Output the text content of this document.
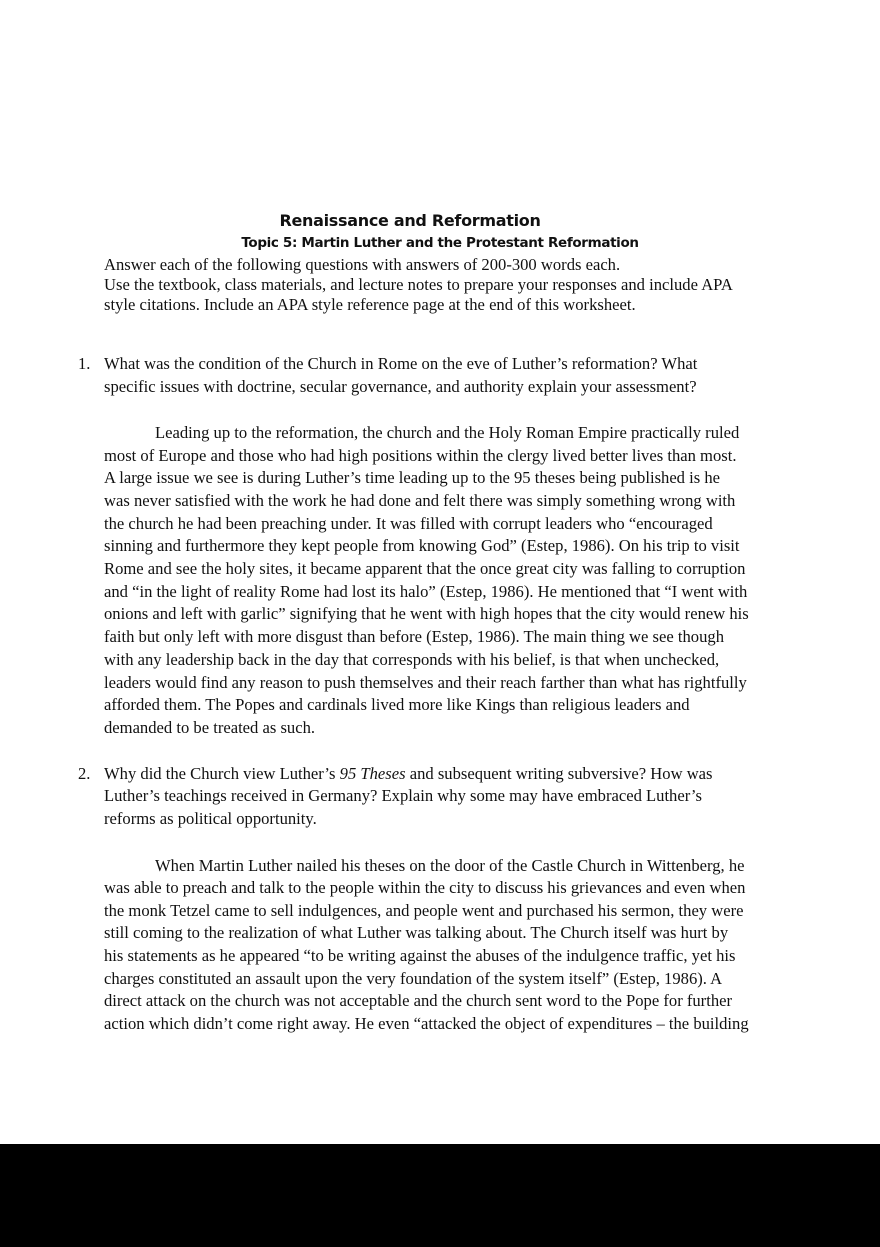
Renaissance and Reformation
Topic 5: Martin Luther and the Protestant Reformation
Answer each of the following questions with answers of 200-300 words each.
Use the textbook, class materials, and lecture notes to prepare your responses and include APA
style citations. Include an APA style reference page at the end of this worksheet.
1. What was the condition of the Church in Rome on the eve of Luther’s reformation? What
specific issues with doctrine, secular governance, and authority explain your assessment?
Leading up to the reformation, the church and the Holy Roman Empire practically ruled
most of Europe and those who had high positions within the clergy lived better lives than most.
A large issue we see is during Luther’s time leading up to the 95 theses being published is he
was never satisfied with the work he had done and felt there was simply something wrong with
the church he had been preaching under. It was filled with corrupt leaders who “encouraged
sinning and furthermore they kept people from knowing God” (Estep, 1986). On his trip to visit
Rome and see the holy sites, it became apparent that the once great city was falling to corruption
and “in the light of reality Rome had lost its halo” (Estep, 1986). He mentioned that “I went with
onions and left with garlic” signifying that he went with high hopes that the city would renew his
faith but only left with more disgust than before (Estep, 1986). The main thing we see though
with any leadership back in the day that corresponds with his belief, is that when unchecked,
leaders would find any reason to push themselves and their reach farther than what has rightfully
afforded them. The Popes and cardinals lived more like Kings than religious leaders and
demanded to be treated as such.
2. Why did the Church view Luther’s 95 Theses and subsequent writing subversive? How was
Luther’s teachings received in Germany? Explain why some may have embraced Luther’s
reforms as political opportunity.
When Martin Luther nailed his theses on the door of the Castle Church in Wittenberg, he
was able to preach and talk to the people within the city to discuss his grievances and even when
the monk Tetzel came to sell indulgences, and people went and purchased his sermon, they were
still coming to the realization of what Luther was talking about. The Church itself was hurt by
his statements as he appeared “to be writing against the abuses of the indulgence traffic, yet his
charges constituted an assault upon the very foundation of the system itself” (Estep, 1986). A
direct attack on the church was not acceptable and the church sent word to the Pope for further
action which didn’t come right away. He even “attacked the object of expenditures – the building
